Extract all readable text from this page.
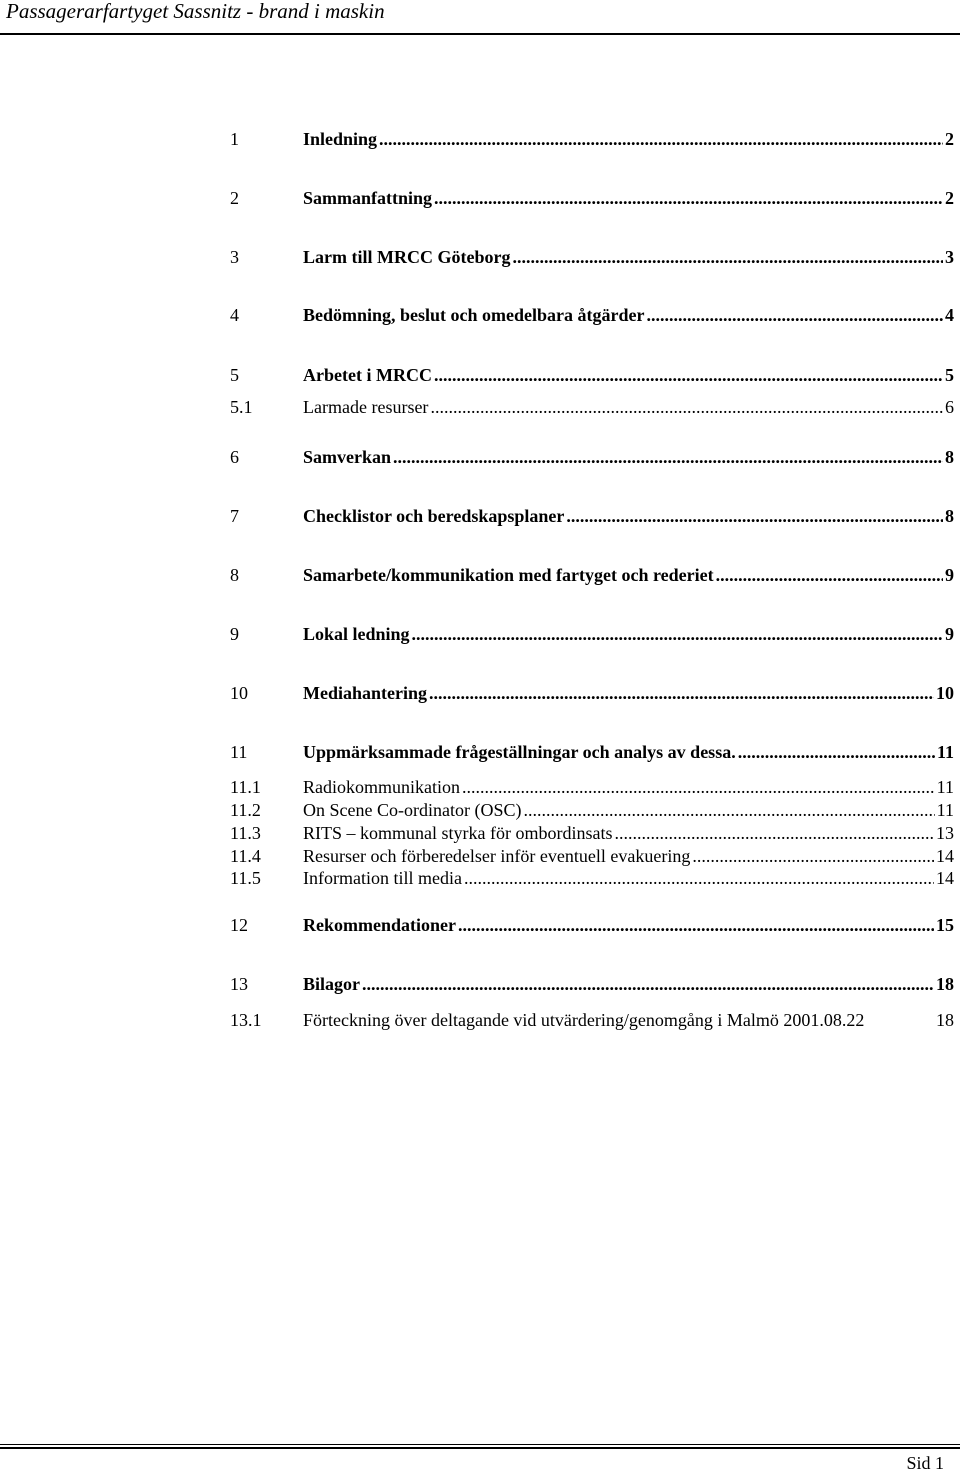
Passagerarfartyget Sassnitz - brand i maskin
1	Inledning .....	2
2	Sammanfattning .....	2
3	Larm till MRCC Göteborg .....	3
4	Bedömning, beslut och omedelbara åtgärder .....	4
5	Arbetet i MRCC .....	5
5.1	Larmade resurser .....	6
6	Samverkan .....	8
7	Checklistor och beredskapsplaner .....	8
8	Samarbete/kommunikation med fartyget och rederiet .....	9
9	Lokal ledning .....	9
10	Mediahantering .....	10
11	Uppmärksammade frågeställningar och analys av dessa. .....	11
11.1	Radiokommunikation .....	11
11.2	On Scene Co-ordinator (OSC) .....	11
11.3	RITS – kommunal styrka för ombordinsats .....	13
11.4	Resurser och förberedelser inför eventuell evakuering .....	14
11.5	Information till media .....	14
12	Rekommendationer .....	15
13	Bilagor .....	18
13.1	Förteckning över deltagande vid utvärdering/genomgång i Malmö 2001.08.22	18
Sid 1
